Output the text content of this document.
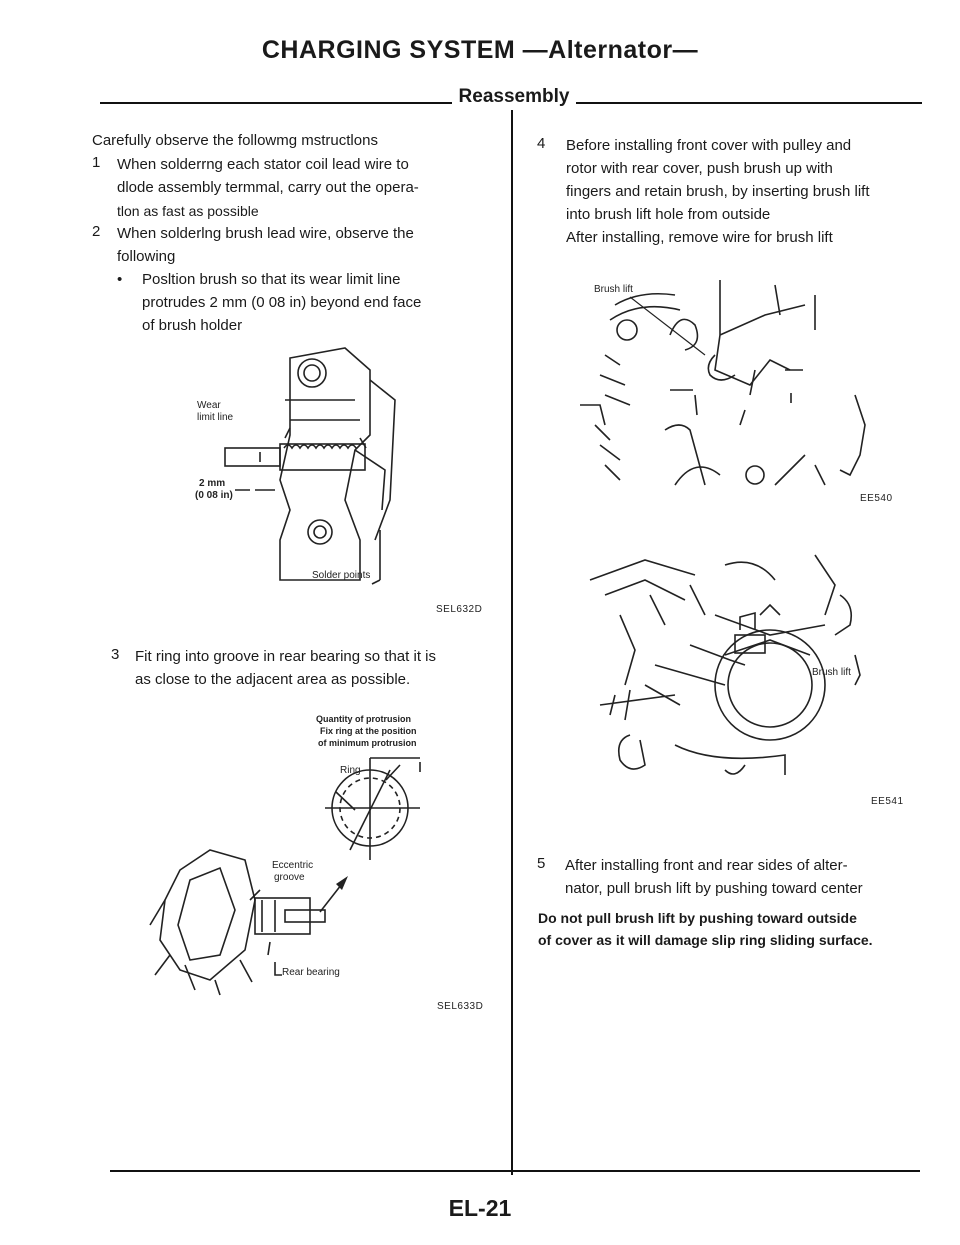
CHARGING SYSTEM —Alternator—
Reassembly
Carefully observe the followmg mstructlons
1 When solderrng each stator coil lead wire to
dlode assembly termmal, carry out the opera-
tlon as fast as possible
2 When solderlng brush lead wire, observe the
following
• Posltion brush so that its wear limit line
protrudes 2 mm (0 08 in) beyond end face
of brush holder
Wear
limit line
2 mm
(0 08 in)
Solder points
SEL632D
3 Fit ring into groove in rear bearing so that it is
as close to the adjacent area as possible.
Quantity of protrusion
Fix ring at the position
of minimum protrusion
Ring
Eccentric
groove
Rear bearing
SEL633D
4 Before installing front cover with pulley and
rotor with rear cover, push brush up with
fingers and retain brush, by inserting brush lift
into brush lift hole from outside
After installing, remove wire for brush lift
Brush lift
EE540
Brush lift
EE541
5 After installing front and rear sides of alter-
nator, pull brush lift by pushing toward center
Do not pull brush lift by pushing toward outside
of cover as it will damage slip ring sliding surface.
EL-21
